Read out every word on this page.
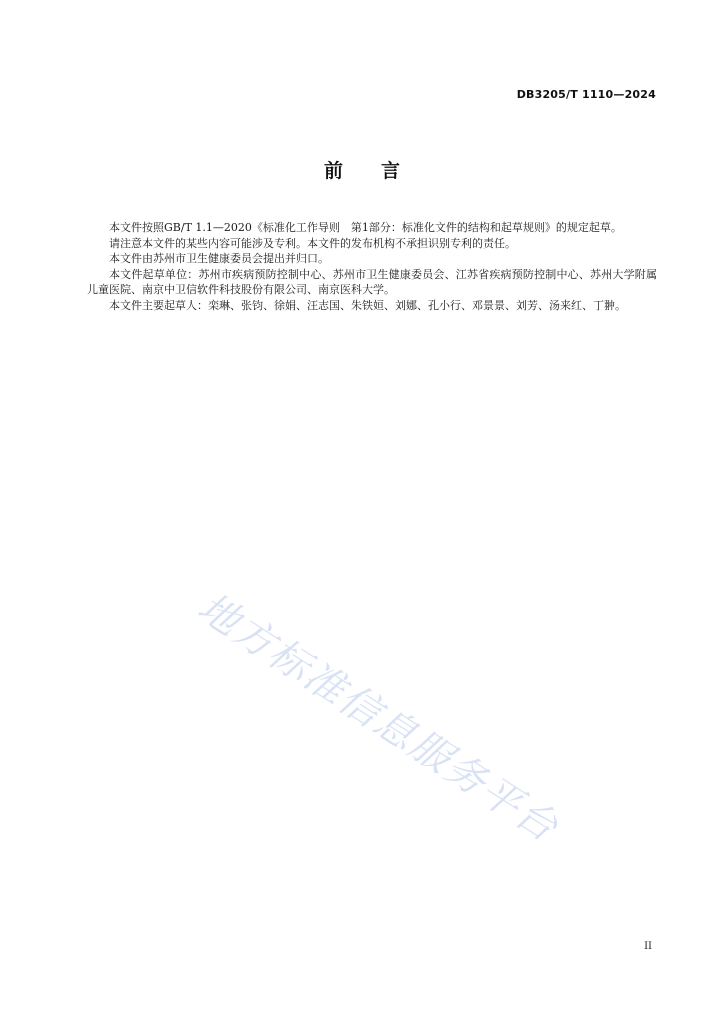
DB3205/T 1110—2024
前 言

本文件按照GB/T 1.1—2020《标准化工作导则　第1部分：标准化文件的结构和起草规则》的规定起草。

请注意本文件的某些内容可能涉及专利。本文件的发布机构不承担识别专利的责任。

本文件由苏州市卫生健康委员会提出并归口。

本文件起草单位：苏州市疾病预防控制中心、苏州市卫生健康委员会、江苏省疾病预防控制中心、苏州大学附属儿童医院、南京中卫信软件科技股份有限公司、南京医科大学。

本文件主要起草人：栾琳、张钧、徐娟、汪志国、朱铁姮、刘娜、孔小行、邓景景、刘芳、汤来红、丁翀。

地方标准信息服务平台
II
